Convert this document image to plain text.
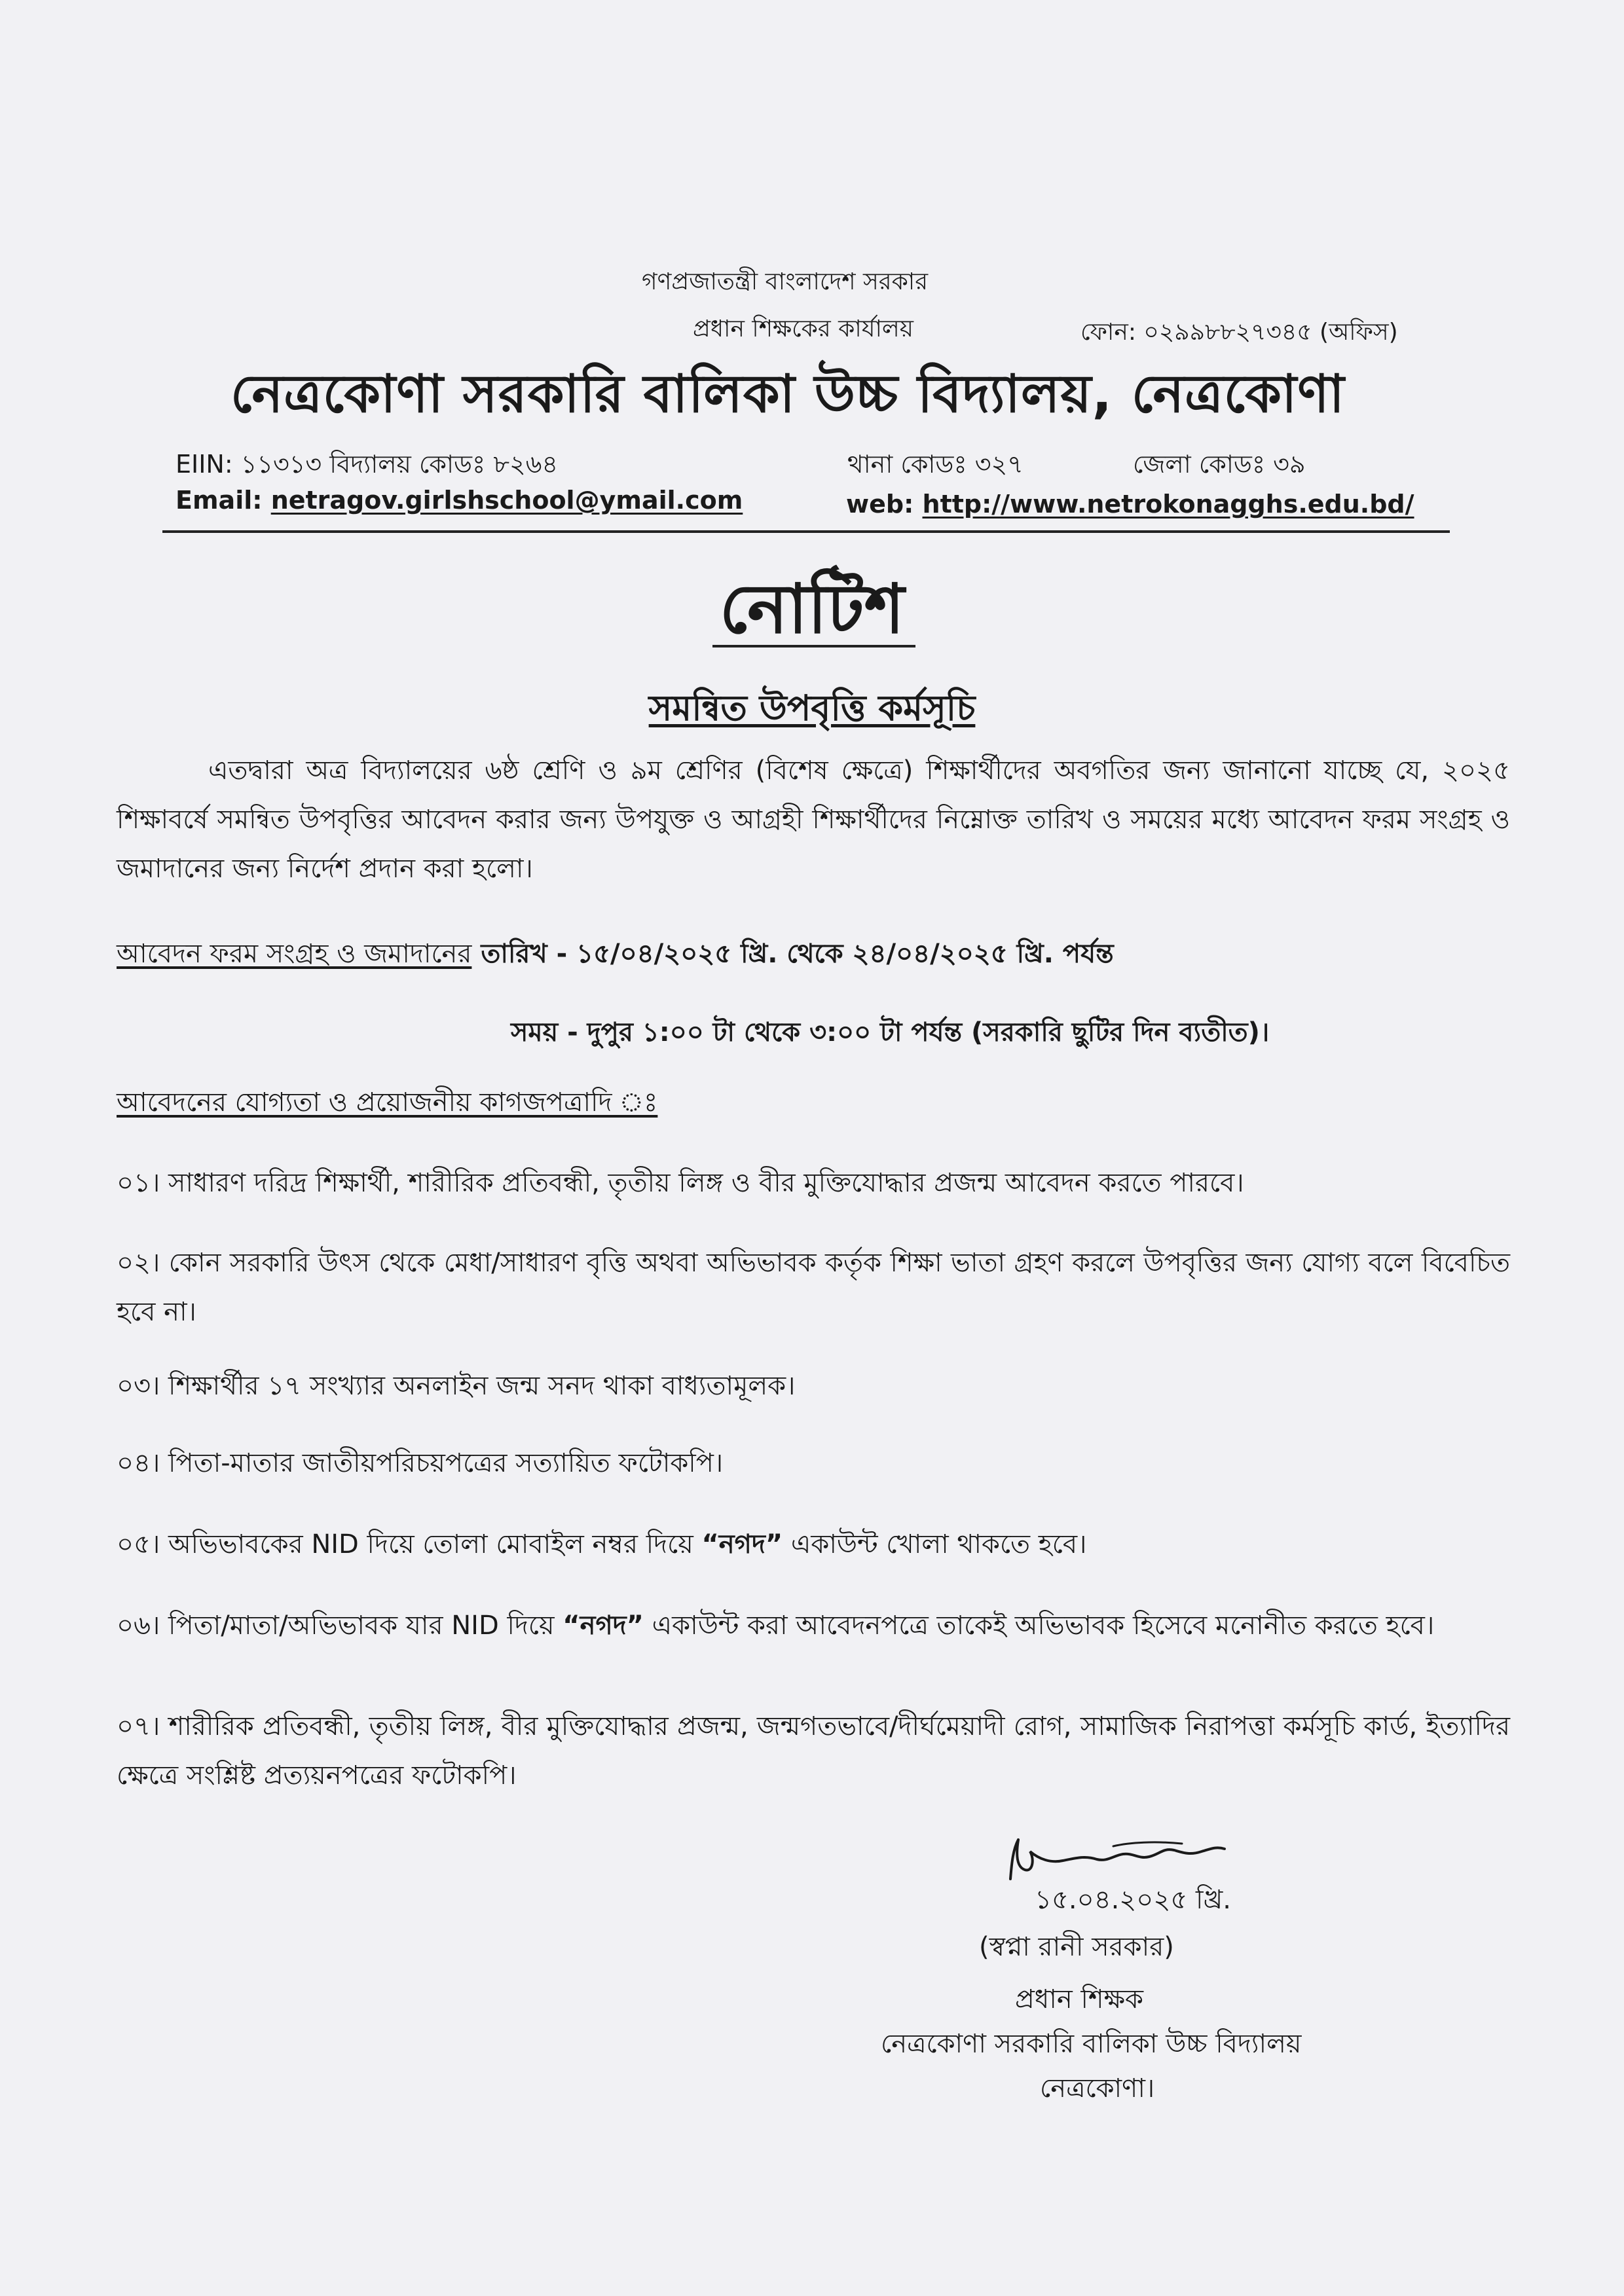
গণপ্রজাতন্ত্রী বাংলাদেশ সরকার
প্রধান শিক্ষকের কার্যালয়	ফোন: ০২৯৯৮৮২৭৩৪৫ (অফিস)
নেত্রকোণা সরকারি বালিকা উচ্চ বিদ্যালয়, নেত্রকোণা
EIIN: ১১৩১৩ বিদ্যালয় কোডঃ ৮২৬৪	থানা কোডঃ ৩২৭	জেলা কোডঃ ৩৯
Email: netragov.girlshschool@ymail.com	web: http://www.netrokonagghs.edu.bd/
নোটিশ
সমন্বিত উপবৃত্তি কর্মসূচি
এতদ্বারা অত্র বিদ্যালয়ের ৬ষ্ঠ শ্রেণি ও ৯ম শ্রেণির (বিশেষ ক্ষেত্রে) শিক্ষার্থীদের অবগতির জন্য জানানো যাচ্ছে যে, ২০২৫ শিক্ষাবর্ষে সমন্বিত উপবৃত্তির আবেদন করার জন্য উপযুক্ত ও আগ্রহী শিক্ষার্থীদের নিম্নোক্ত তারিখ ও সময়ের মধ্যে আবেদন ফরম সংগ্রহ ও জমাদানের জন্য নির্দেশ প্রদান করা হলো।
আবেদন ফরম সংগ্রহ ও জমাদানের তারিখ - ১৫/০৪/২০২৫ খ্রি. থেকে ২৪/০৪/২০২৫ খ্রি. পর্যন্ত
সময় - দুপুর ১:০০ টা থেকে ৩:০০ টা পর্যন্ত (সরকারি ছুটির দিন ব্যতীত)।
আবেদনের যোগ্যতা ও প্রয়োজনীয় কাগজপত্রাদি ঃ
০১। সাধারণ দরিদ্র শিক্ষার্থী, শারীরিক প্রতিবন্ধী, তৃতীয় লিঙ্গ ও বীর মুক্তিযোদ্ধার প্রজন্ম আবেদন করতে পারবে।
০২। কোন সরকারি উৎস থেকে মেধা/সাধারণ বৃত্তি অথবা অভিভাবক কর্তৃক শিক্ষা ভাতা গ্রহণ করলে উপবৃত্তির জন্য যোগ্য বলে বিবেচিত হবে না।
০৩। শিক্ষার্থীর ১৭ সংখ্যার অনলাইন জন্ম সনদ থাকা বাধ্যতামূলক।
০৪। পিতা-মাতার জাতীয়পরিচয়পত্রের সত্যায়িত ফটোকপি।
০৫। অভিভাবকের NID দিয়ে তোলা মোবাইল নম্বর দিয়ে “নগদ” একাউন্ট খোলা থাকতে হবে।
০৬। পিতা/মাতা/অভিভাবক যার NID দিয়ে “নগদ” একাউন্ট করা আবেদনপত্রে তাকেই অভিভাবক হিসেবে মনোনীত করতে হবে।
০৭। শারীরিক প্রতিবন্ধী, তৃতীয় লিঙ্গ, বীর মুক্তিযোদ্ধার প্রজন্ম, জন্মগতভাবে/দীর্ঘমেয়াদী রোগ, সামাজিক নিরাপত্তা কর্মসূচি কার্ড, ইত্যাদির ক্ষেত্রে সংশ্লিষ্ট প্রত্যয়নপত্রের ফটোকপি।
১৫.০৪.২০২৫ খ্রি.
(স্বপ্না রানী সরকার)
প্রধান শিক্ষক
নেত্রকোণা সরকারি বালিকা উচ্চ বিদ্যালয়
নেত্রকোণা।
